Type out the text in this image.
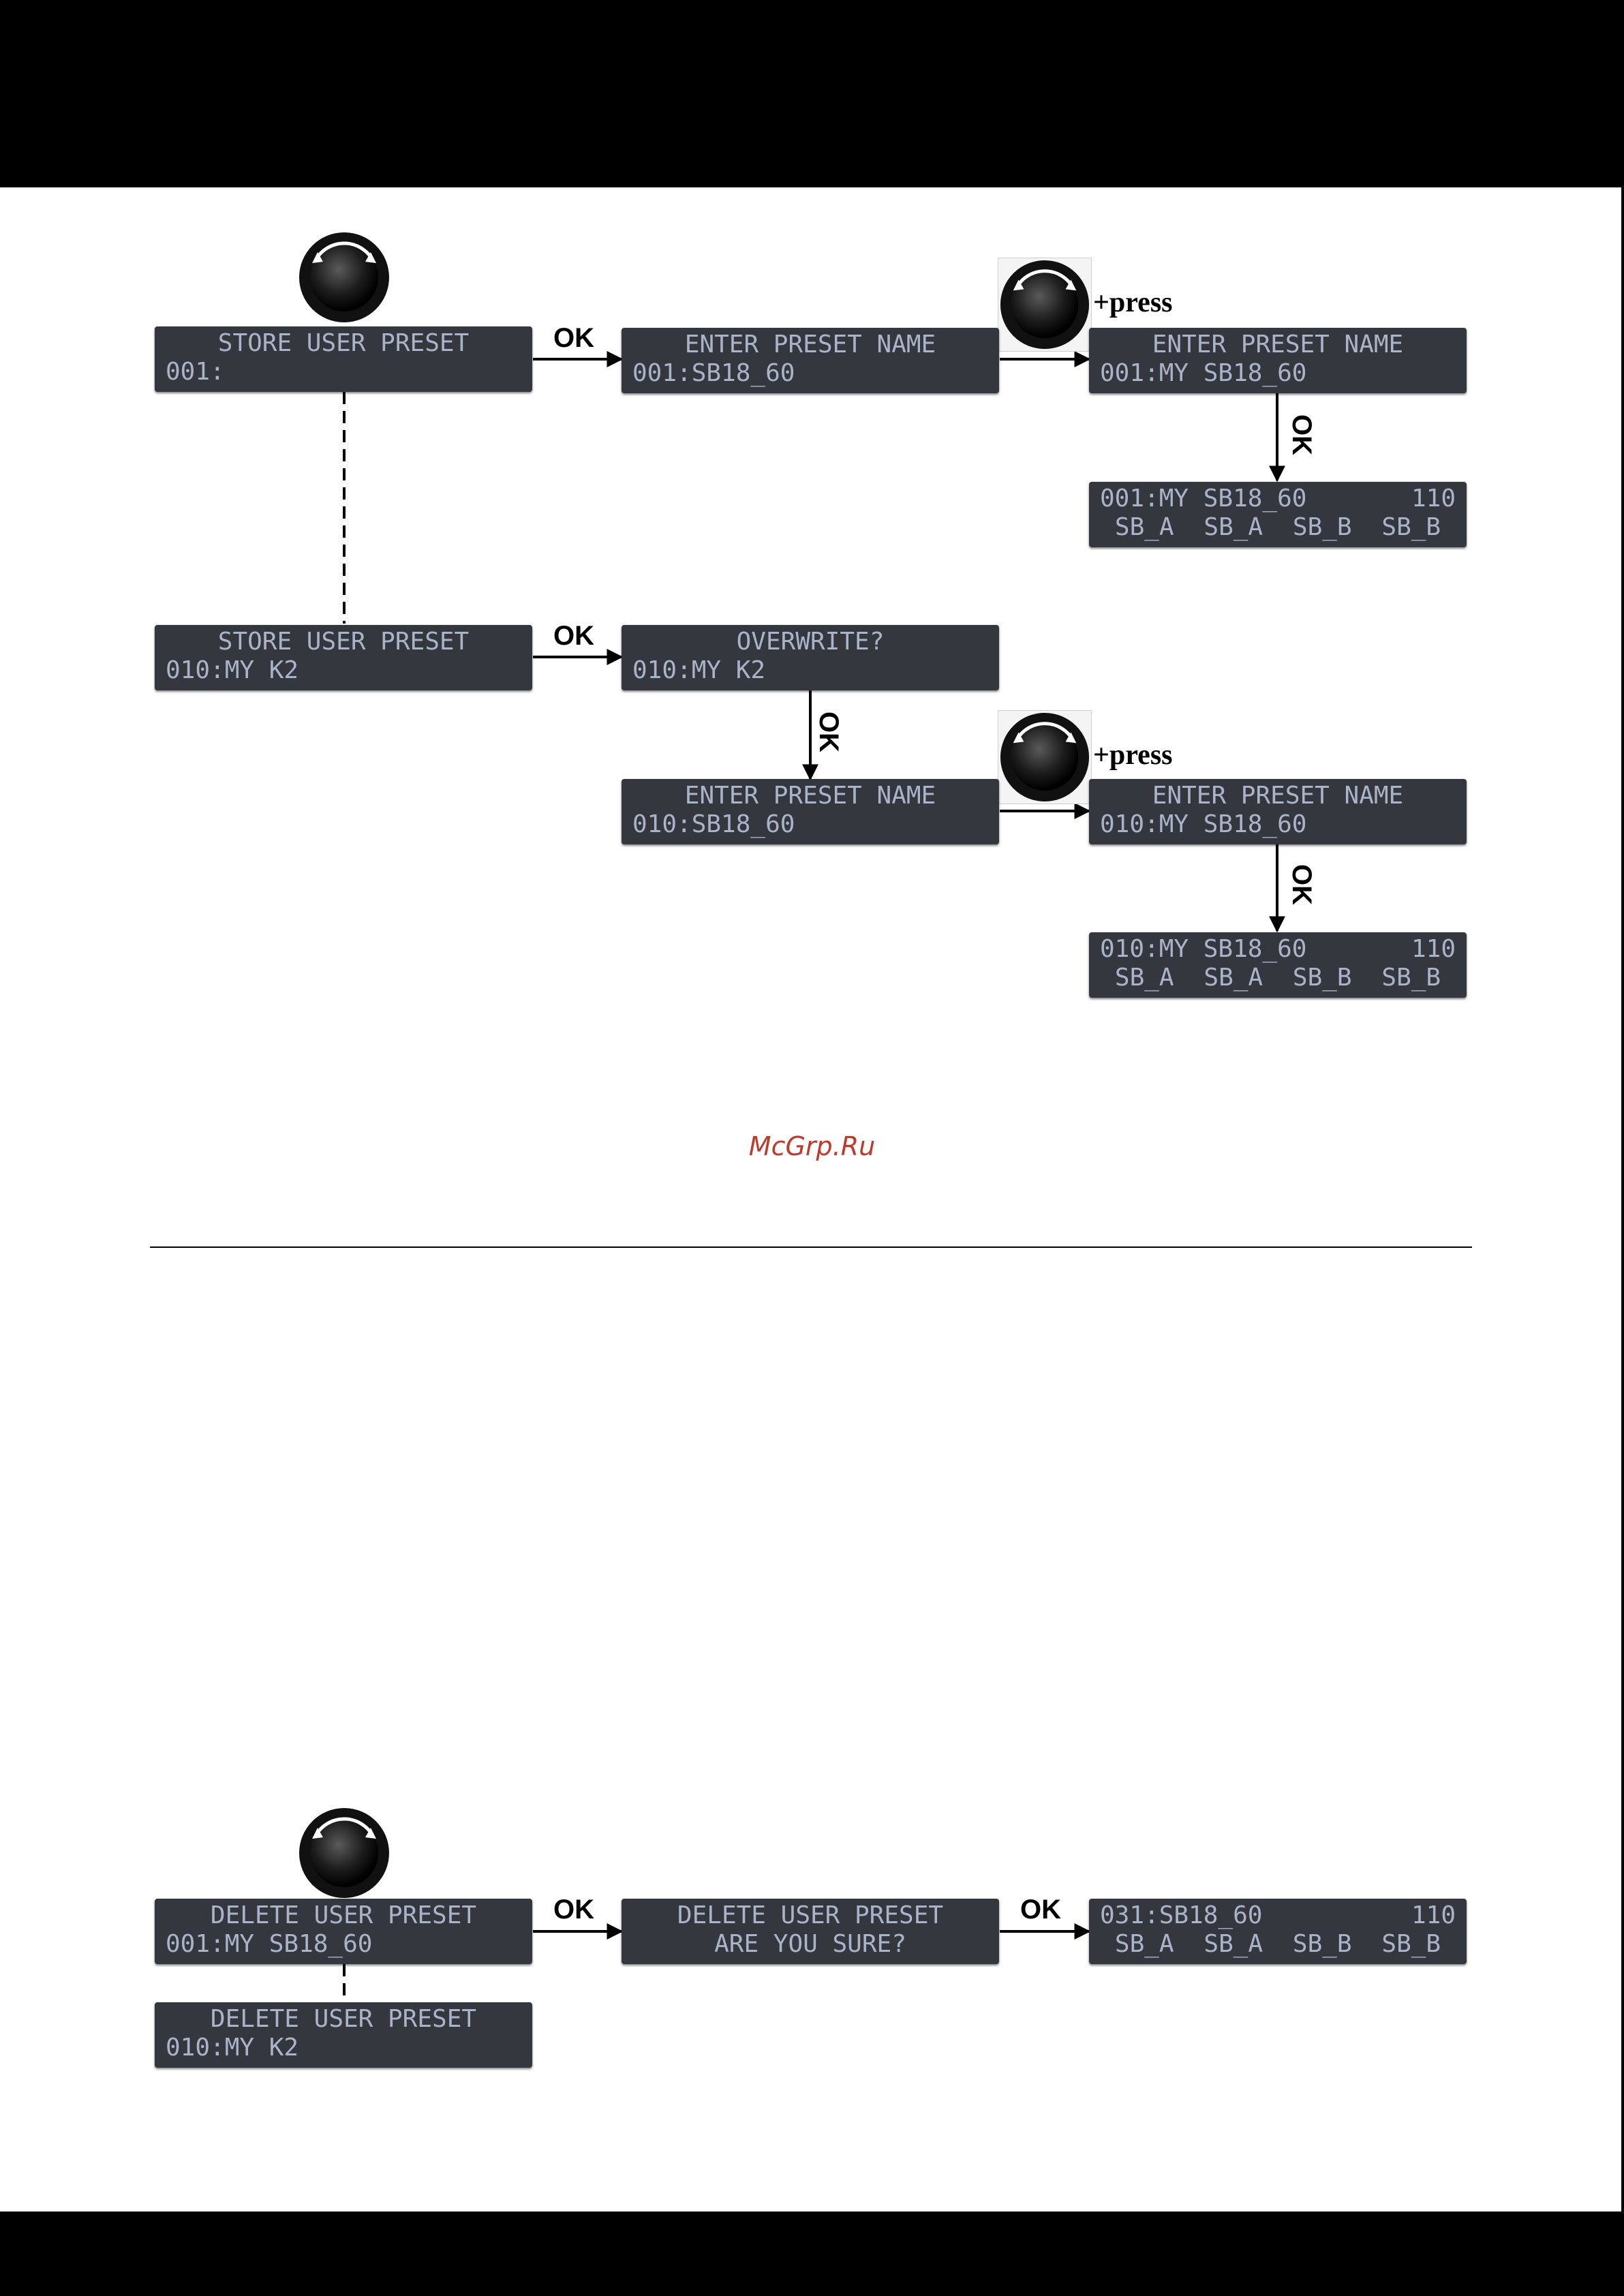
+press
+press
OK
OK
OK
OK
OK
OK	OK
STORE USER PRESET
001:
ENTER PRESET NAME
001:SB18_60
ENTER PRESET NAME
001:MY SB18_60
001:MY SB18_60	110
SB_A SB_A SB_B SB_B
STORE USER PRESET
010:MY K2
OVERWRITE?
010:MY K2
ENTER PRESET NAME
010:SB18_60
ENTER PRESET NAME
010:MY SB18_60
010:MY SB18_60	110
SB_A SB_A SB_B SB_B
McGrp.Ru
DELETE USER PRESET
001:MY SB18_60
DELETE USER PRESET
ARE YOU SURE?
031:SB18_60	110
SB_A SB_A SB_B SB_B
DELETE USER PRESET
010:MY K2
